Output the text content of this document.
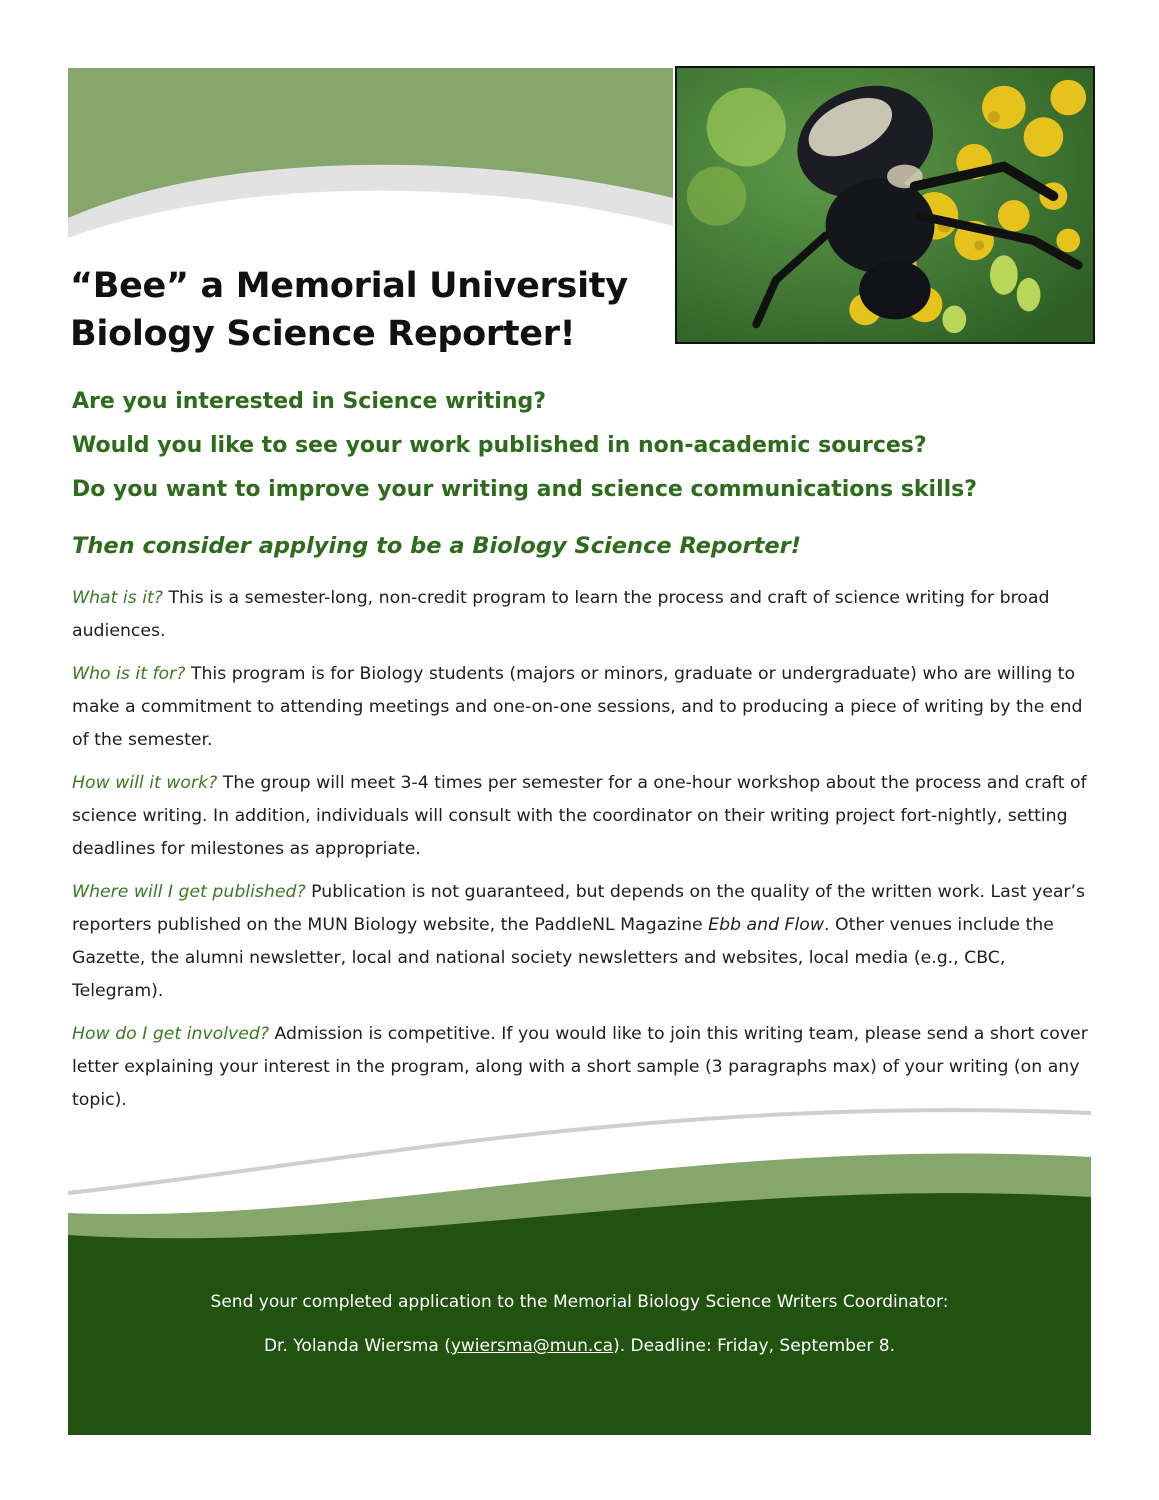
“Bee” a Memorial University
Biology Science Reporter!

Are you interested in Science writing?

Would you like to see your work published in non-academic sources?

Do you want to improve your writing and science communications skills?

Then consider applying to be a Biology Science Reporter!

What is it? This is a semester-long, non-credit program to learn the process and craft of science writing for broad audiences.

Who is it for? This program is for Biology students (majors or minors, graduate or undergraduate) who are willing to make a commitment to attending meetings and one-on-one sessions, and to producing a piece of writing by the end of the semester.

How will it work? The group will meet 3-4 times per semester for a one-hour workshop about the process and craft of science writing. In addition, individuals will consult with the coordinator on their writing project fort-nightly, setting deadlines for milestones as appropriate.

Where will I get published? Publication is not guaranteed, but depends on the quality of the written work. Last year’s reporters published on the MUN Biology website, the PaddleNL Magazine Ebb and Flow. Other venues include the Gazette, the alumni newsletter, local and national society newsletters and websites, local media (e.g., CBC, Telegram).

How do I get involved? Admission is competitive. If you would like to join this writing team, please send a short cover letter explaining your interest in the program, along with a short sample (3 paragraphs max) of your writing (on any topic).

Send your completed application to the Memorial Biology Science Writers Coordinator:

Dr. Yolanda Wiersma (ywiersma@mun.ca). Deadline: Friday, September 8.
